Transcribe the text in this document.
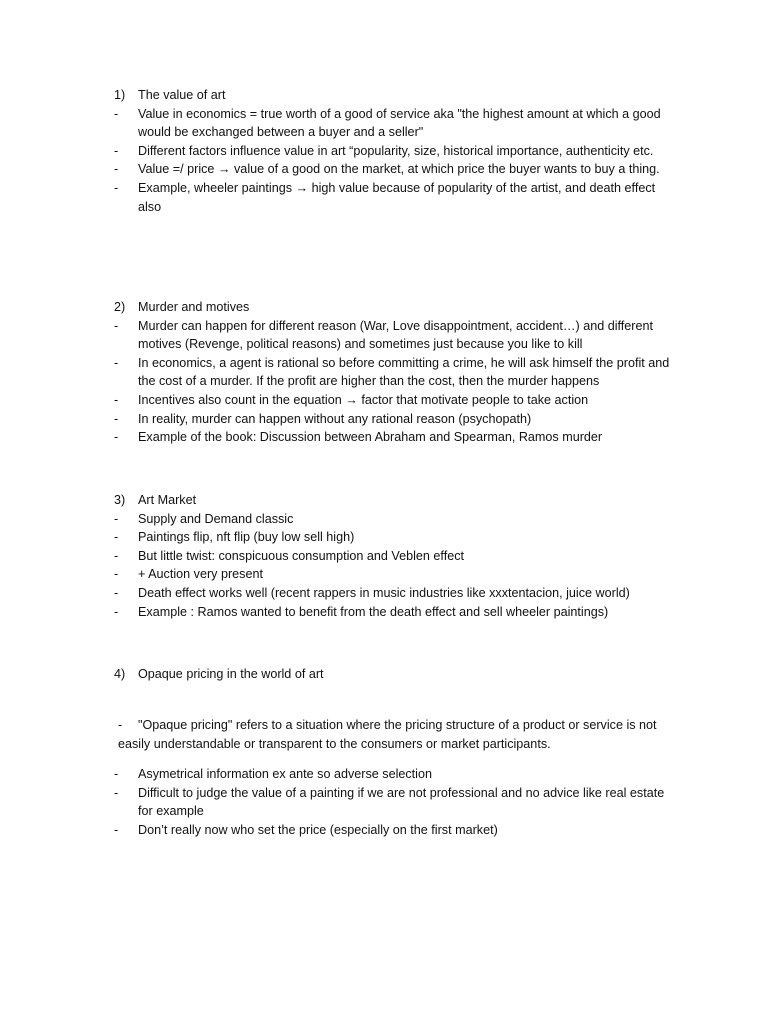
1) The value of art
- Value in economics = true worth of a good of service aka "the highest amount at which a good would be exchanged between a buyer and a seller"
- Different factors influence value in art “popularity, size, historical importance, authenticity etc.
- Value =/ price → value of a good on the market, at which price the buyer wants to buy a thing.
- Example, wheeler paintings → high value because of popularity of the artist, and death effect also
2) Murder and motives
- Murder can happen for different reason (War, Love disappointment, accident…) and different motives (Revenge, political reasons) and sometimes just because you like to kill
- In economics, a agent is rational so before committing a crime, he will ask himself the profit and the cost of a murder. If the profit are higher than the cost, then the murder happens
- Incentives also count in the equation → factor that motivate people to take action
- In reality, murder can happen without any rational reason (psychopath)
- Example of the book: Discussion between Abraham and Spearman, Ramos murder
3) Art Market
- Supply and Demand classic
- Paintings flip, nft flip (buy low sell high)
- But little twist: conspicuous consumption and Veblen effect
- + Auction very present
- Death effect works well (recent rappers in music industries like xxxtentacion, juice world)
- Example : Ramos wanted to benefit from the death effect and sell wheeler paintings)
4) Opaque pricing in the world of art
- "Opaque pricing" refers to a situation where the pricing structure of a product or service is not easily understandable or transparent to the consumers or market participants.
- Asymetrical information ex ante so adverse selection
- Difficult to judge the value of a painting if we are not professional and no advice like real estate for example
- Don’t really now who set the price (especially on the first market)
